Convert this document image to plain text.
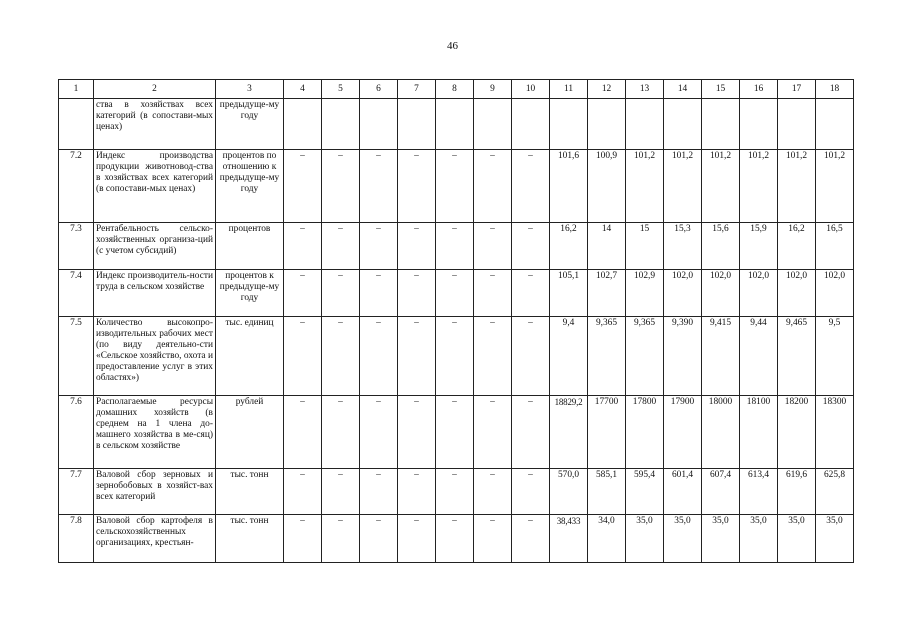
46
1	2	3	4	5	6	7	8	9	10	11	12	13	14	15	16	17	18
	ства в хозяйствах всех категорий (в сопостави-мых ценах)	предыдуще-му году															
7.2	Индекс производства продукции животновод-ства в хозяйствах всех категорий (в сопостави-мых ценах)	процентов по отношению к предыдуще-му году	–	–	–	–	–	–	–	101,6	100,9	101,2	101,2	101,2	101,2	101,2	101,2
7.3	Рентабельность сельско-хозяйственных организа-ций (с учетом субсидий)	процентов	–	–	–	–	–	–	–	16,2	14	15	15,3	15,6	15,9	16,2	16,5
7.4	Индекс производитель-ности труда в сельском хозяйстве	процентов к предыдуще-му году	–	–	–	–	–	–	–	105,1	102,7	102,9	102,0	102,0	102,0	102,0	102,0
7.5	Количество высокопро-изводительных рабочих мест (по виду деятельно-сти «Сельское хозяйство, охота и предоставление услуг в этих областях»)	тыс. единиц	–	–	–	–	–	–	–	9,4	9,365	9,365	9,390	9,415	9,44	9,465	9,5
7.6	Располагаемые ресурсы домашних хозяйств (в среднем на 1 члена до-машнего хозяйства в ме-сяц) в сельском хозяйстве	рублей	–	–	–	–	–	–	–	18829,2	17700	17800	17900	18000	18100	18200	18300
7.7	Валовой сбор зерновых и зернобобовых в хозяйст-вах всех категорий	тыс. тонн	–	–	–	–	–	–	–	570,0	585,1	595,4	601,4	607,4	613,4	619,6	625,8
7.8	Валовой сбор картофеля в сельскохозяйственных организациях, крестьян-	тыс. тонн	–	–	–	–	–	–	–	38,433	34,0	35,0	35,0	35,0	35,0	35,0	35,0
